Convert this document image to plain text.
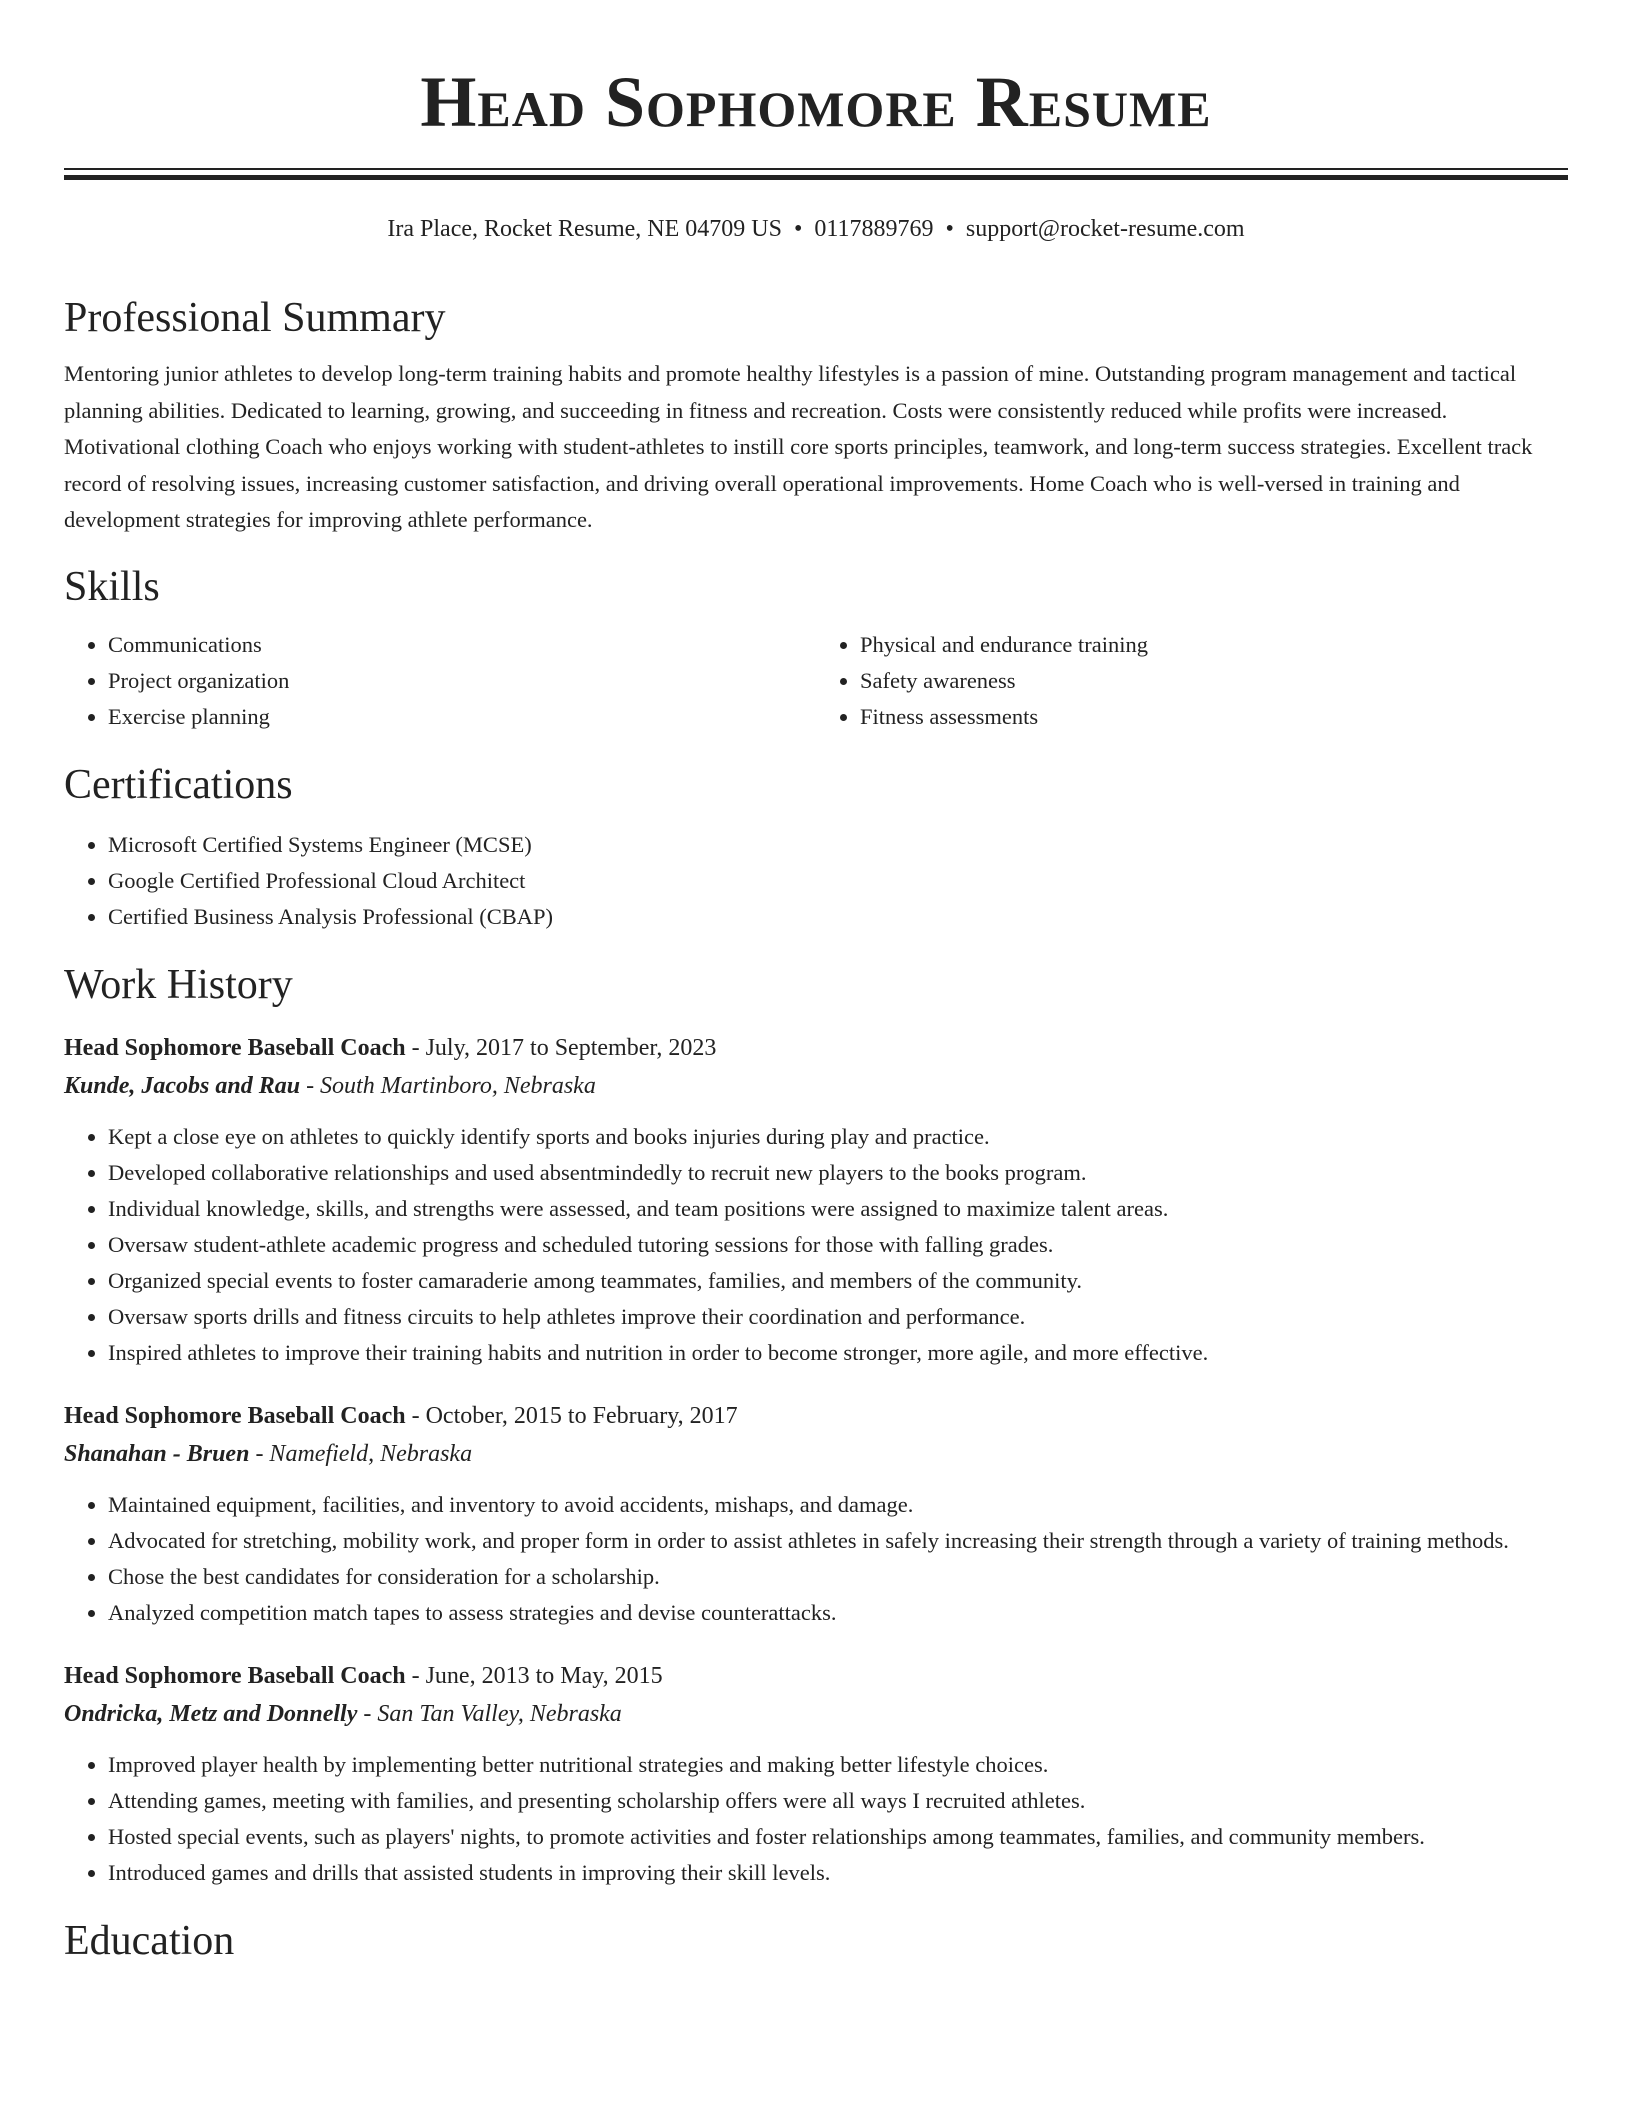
Head Sophomore Resume
Ira Place, Rocket Resume, NE 04709 US • 0117889769 • support@rocket-resume.com
Professional Summary
Mentoring junior athletes to develop long-term training habits and promote healthy lifestyles is a passion of mine. Outstanding program management and tactical planning abilities. Dedicated to learning, growing, and succeeding in fitness and recreation. Costs were consistently reduced while profits were increased. Motivational clothing Coach who enjoys working with student-athletes to instill core sports principles, teamwork, and long-term success strategies. Excellent track record of resolving issues, increasing customer satisfaction, and driving overall operational improvements. Home Coach who is well-versed in training and development strategies for improving athlete performance.
Skills
• Communications
• Project organization
• Exercise planning
• Physical and endurance training
• Safety awareness
• Fitness assessments
Certifications
• Microsoft Certified Systems Engineer (MCSE)
• Google Certified Professional Cloud Architect
• Certified Business Analysis Professional (CBAP)
Work History
Head Sophomore Baseball Coach - July, 2017 to September, 2023
Kunde, Jacobs and Rau - South Martinboro, Nebraska
• Kept a close eye on athletes to quickly identify sports and books injuries during play and practice.
• Developed collaborative relationships and used absentmindedly to recruit new players to the books program.
• Individual knowledge, skills, and strengths were assessed, and team positions were assigned to maximize talent areas.
• Oversaw student-athlete academic progress and scheduled tutoring sessions for those with falling grades.
• Organized special events to foster camaraderie among teammates, families, and members of the community.
• Oversaw sports drills and fitness circuits to help athletes improve their coordination and performance.
• Inspired athletes to improve their training habits and nutrition in order to become stronger, more agile, and more effective.
Head Sophomore Baseball Coach - October, 2015 to February, 2017
Shanahan - Bruen - Namefield, Nebraska
• Maintained equipment, facilities, and inventory to avoid accidents, mishaps, and damage.
• Advocated for stretching, mobility work, and proper form in order to assist athletes in safely increasing their strength through a variety of training methods.
• Chose the best candidates for consideration for a scholarship.
• Analyzed competition match tapes to assess strategies and devise counterattacks.
Head Sophomore Baseball Coach - June, 2013 to May, 2015
Ondricka, Metz and Donnelly - San Tan Valley, Nebraska
• Improved player health by implementing better nutritional strategies and making better lifestyle choices.
• Attending games, meeting with families, and presenting scholarship offers were all ways I recruited athletes.
• Hosted special events, such as players' nights, to promote activities and foster relationships among teammates, families, and community members.
• Introduced games and drills that assisted students in improving their skill levels.
Education
